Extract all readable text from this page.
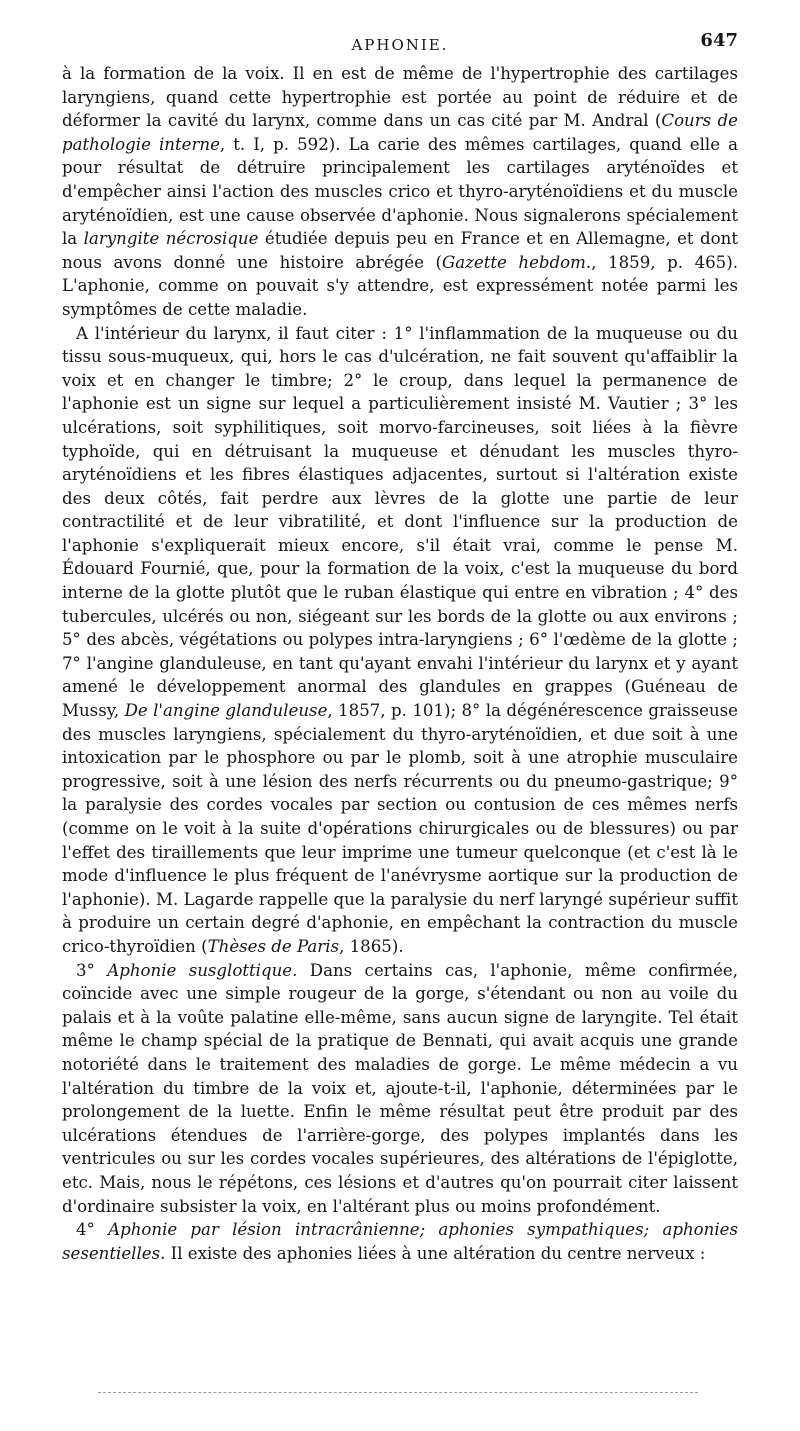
APHONIE.	647

à la formation de la voix. Il en est de même de l'hypertrophie des cartilages laryngiens, quand cette hypertrophie est portée au point de réduire et de déformer la cavité du larynx, comme dans un cas cité par M. Andral (Cours de pathologie interne, t. I, p. 592). La carie des mêmes cartilages, quand elle a pour résultat de détruire principalement les cartilages aryténoïdes et d'empêcher ainsi l'action des muscles crico et thyro-aryténoïdiens et du muscle aryténoïdien, est une cause observée d'aphonie. Nous signalerons spécialement la laryngite nécrosique étudiée depuis peu en France et en Allemagne, et dont nous avons donné une histoire abrégée (Gazette hebdom., 1859, p. 465). L'aphonie, comme on pouvait s'y attendre, est expressément notée parmi les symptômes de cette maladie.

A l'intérieur du larynx, il faut citer : 1° l'inflammation de la muqueuse ou du tissu sous-muqueux, qui, hors le cas d'ulcération, ne fait souvent qu'affaiblir la voix et en changer le timbre; 2° le croup, dans lequel la permanence de l'aphonie est un signe sur lequel a particulièrement insisté M. Vautier ; 3° les ulcérations, soit syphilitiques, soit morvo-farcineuses, soit liées à la fièvre typhoïde, qui en détruisant la muqueuse et dénudant les muscles thyro-aryténoïdiens et les fibres élastiques adjacentes, surtout si l'altération existe des deux côtés, fait perdre aux lèvres de la glotte une partie de leur contractilité et de leur vibratilité, et dont l'influence sur la production de l'aphonie s'expliquerait mieux encore, s'il était vrai, comme le pense M. Édouard Fournié, que, pour la formation de la voix, c'est la muqueuse du bord interne de la glotte plutôt que le ruban élastique qui entre en vibration ; 4° des tubercules, ulcérés ou non, siégeant sur les bords de la glotte ou aux environs ; 5° des abcès, végétations ou polypes intra-laryngiens ; 6° l'œdème de la glotte ; 7° l'angine glanduleuse, en tant qu'ayant envahi l'intérieur du larynx et y ayant amené le développement anormal des glandules en grappes (Guéneau de Mussy, De l'angine glanduleuse, 1857, p. 101); 8° la dégénérescence graisseuse des muscles laryngiens, spécialement du thyro-aryténoïdien, et due soit à une intoxication par le phosphore ou par le plomb, soit à une atrophie musculaire progressive, soit à une lésion des nerfs récurrents ou du pneumo-gastrique; 9° la paralysie des cordes vocales par section ou contusion de ces mêmes nerfs (comme on le voit à la suite d'opérations chirurgicales ou de blessures) ou par l'effet des tiraillements que leur imprime une tumeur quelconque (et c'est là le mode d'influence le plus fréquent de l'anévrysme aortique sur la production de l'aphonie). M. Lagarde rappelle que la paralysie du nerf laryngé supérieur suffit à produire un certain degré d'aphonie, en empêchant la contraction du muscle crico-thyroïdien (Thèses de Paris, 1865).

3° Aphonie susglottique. Dans certains cas, l'aphonie, même confirmée, coïncide avec une simple rougeur de la gorge, s'étendant ou non au voile du palais et à la voûte palatine elle-même, sans aucun signe de laryngite. Tel était même le champ spécial de la pratique de Bennati, qui avait acquis une grande notoriété dans le traitement des maladies de gorge. Le même médecin a vu l'altération du timbre de la voix et, ajoute-t-il, l'aphonie, déterminées par le prolongement de la luette. Enfin le même résultat peut être produit par des ulcérations étendues de l'arrière-gorge, des polypes implantés dans les ventricules ou sur les cordes vocales supérieures, des altérations de l'épiglotte, etc. Mais, nous le répétons, ces lésions et d'autres qu'on pourrait citer laissent d'ordinaire subsister la voix, en l'altérant plus ou moins profondément.

4° Aphonie par lésion intracrânienne; aphonies sympathiques; aphonies sesentielles. Il existe des aphonies liées à une altération du centre nerveux :
